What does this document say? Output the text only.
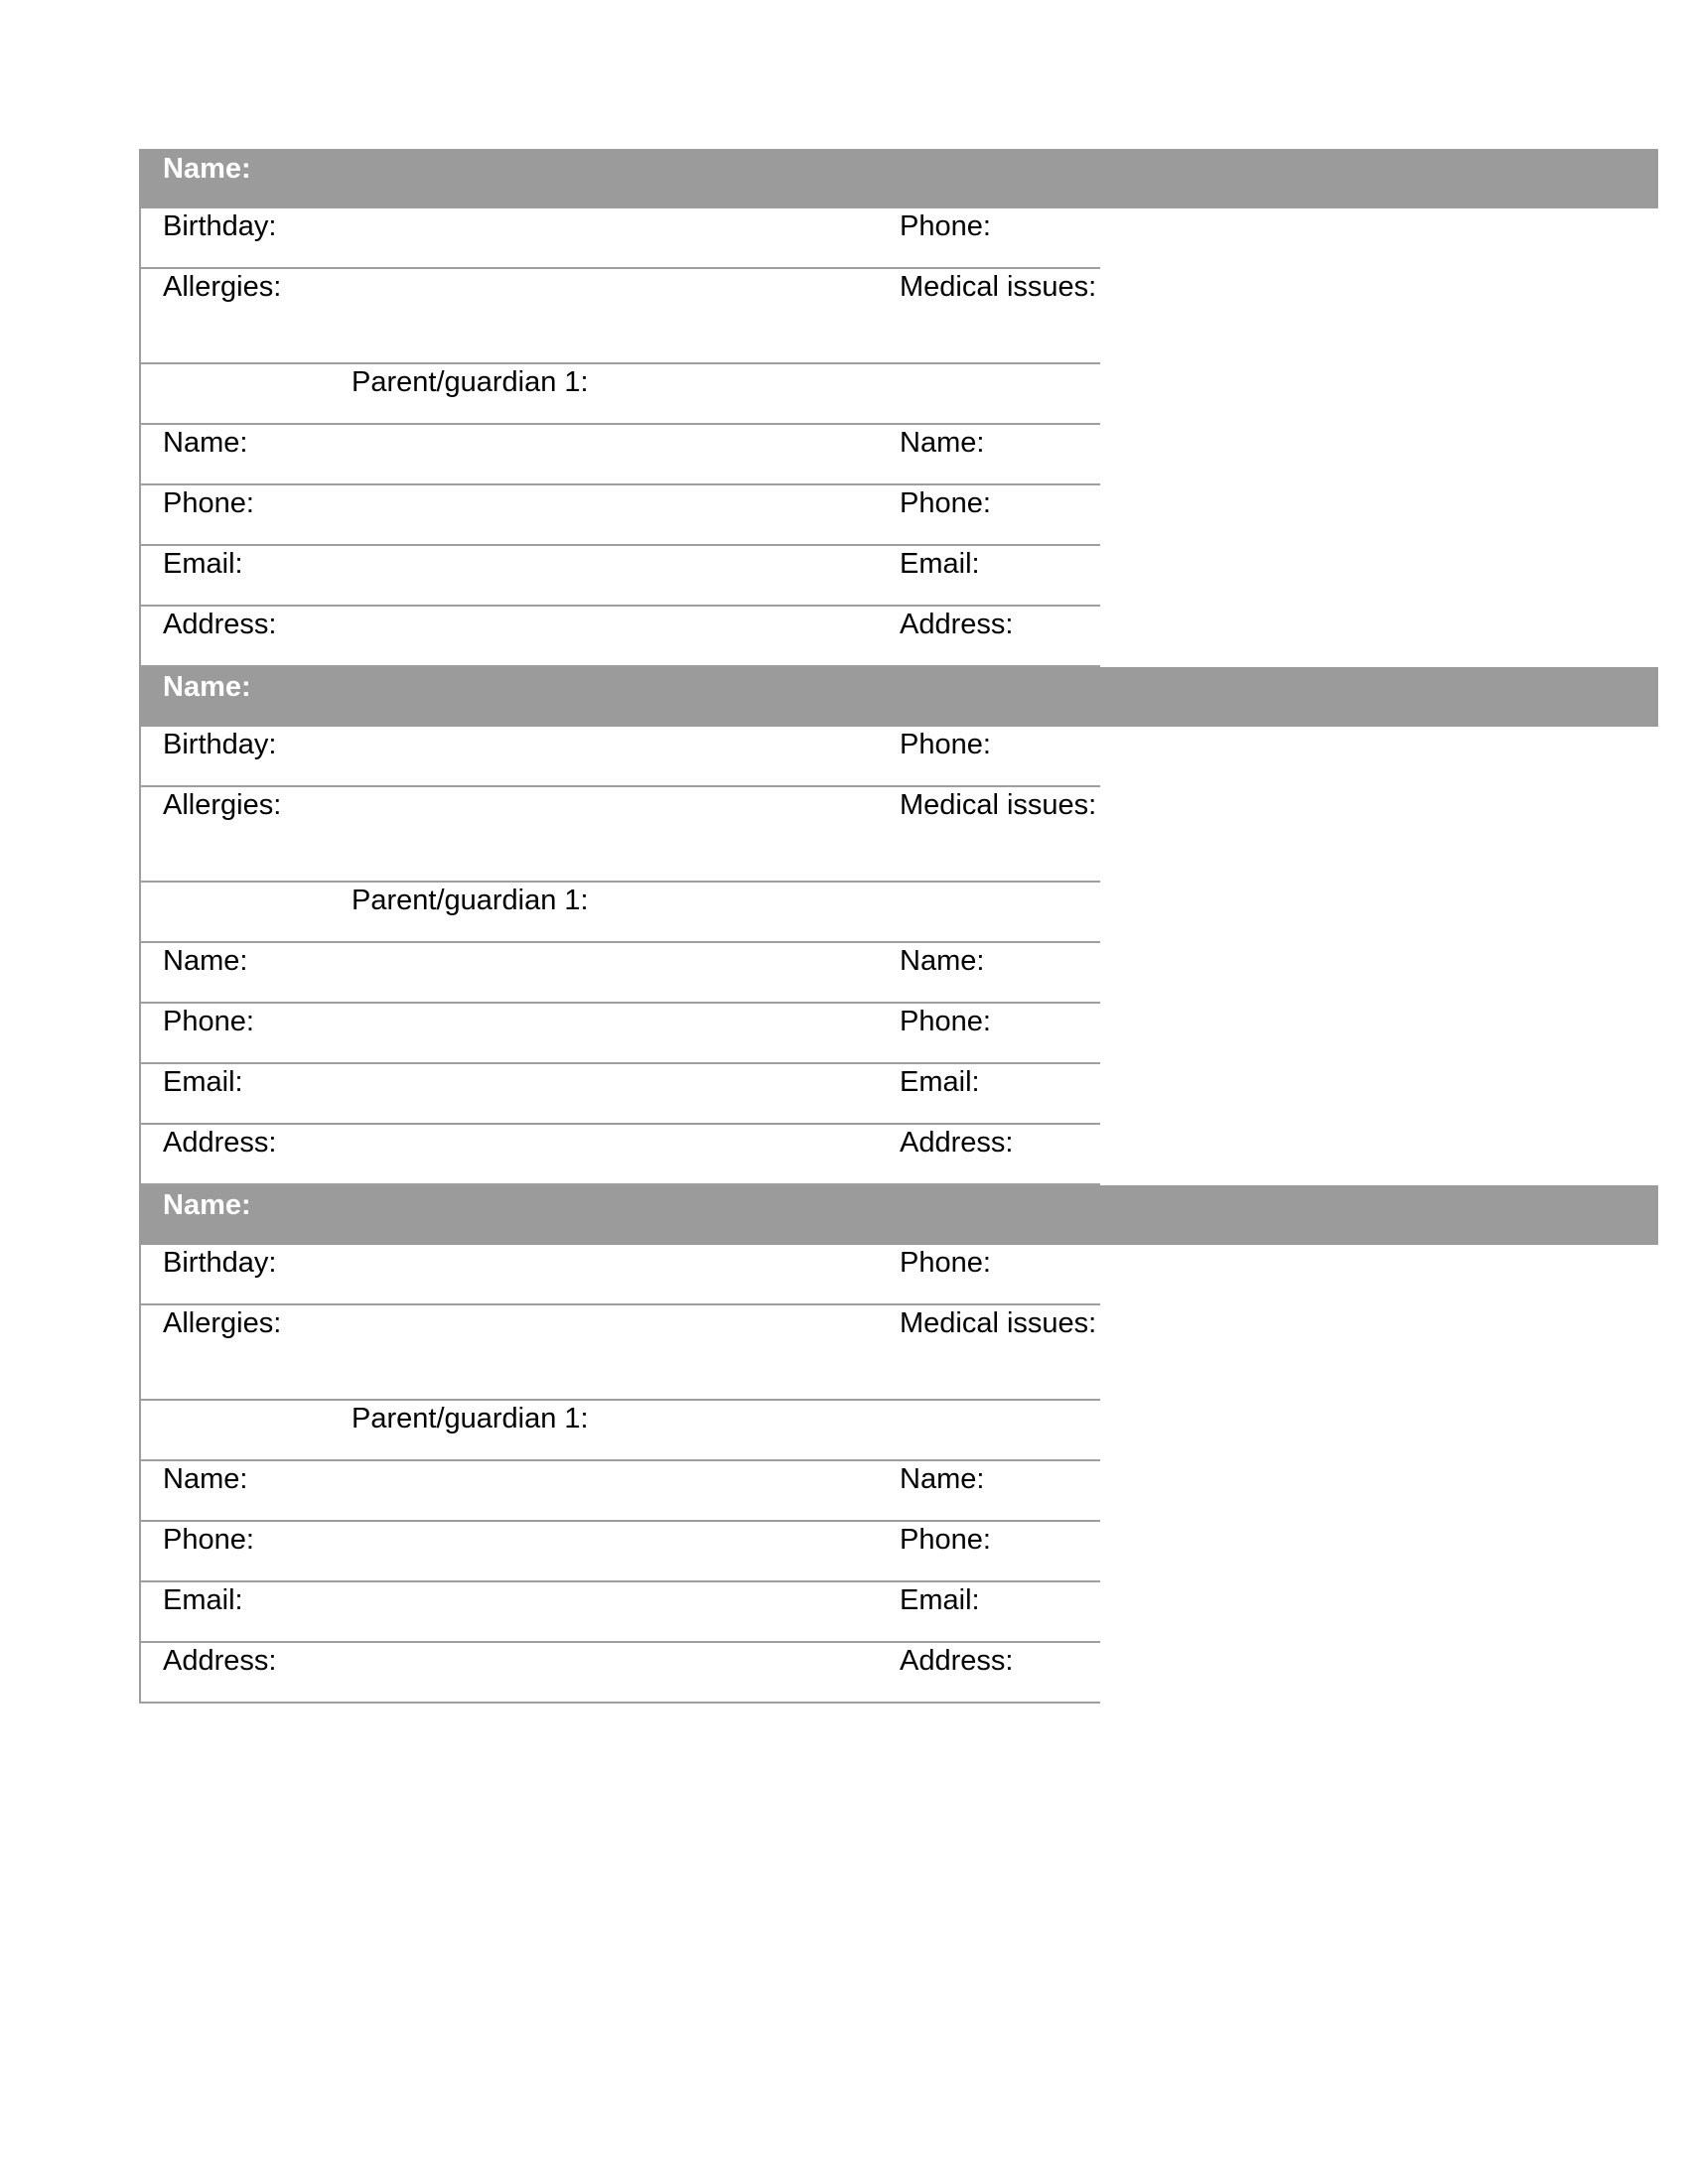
Name:
Birthday:	Phone:
Allergies:	Medical issues:
Parent/guardian 1:
Name:	Name:
Phone:	Phone:
Email:	Email:
Address:	Address:
Name:
Birthday:	Phone:
Allergies:	Medical issues:
Parent/guardian 1:
Name:	Name:
Phone:	Phone:
Email:	Email:
Address:	Address:
Name:
Birthday:	Phone:
Allergies:	Medical issues:
Parent/guardian 1:
Name:	Name:
Phone:	Phone:
Email:	Email:
Address:	Address:
